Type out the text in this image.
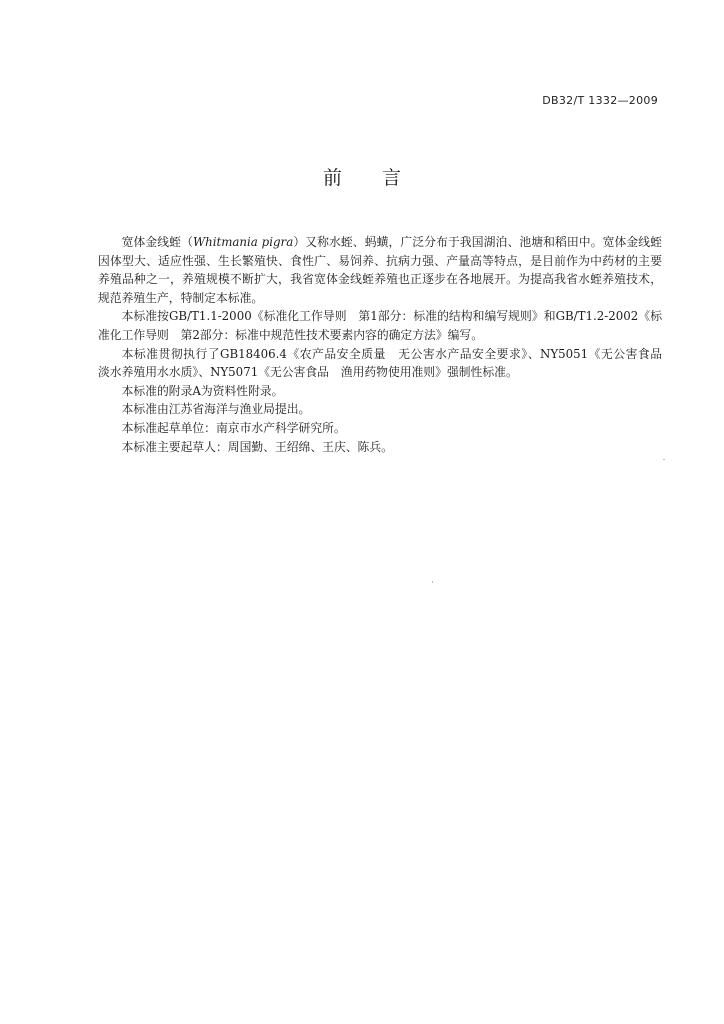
DB32/T 1332—2009
前言

宽体金线蛭（Whitmania pigra）又称水蛭、蚂蟥，广泛分布于我国湖泊、池塘和稻田中。宽体金线蛭因体型大、适应性强、生长繁殖快、食性广、易饲养、抗病力强、产量高等特点，是目前作为中药材的主要养殖品种之一，养殖规模不断扩大，我省宽体金线蛭养殖也正逐步在各地展开。为提高我省水蛭养殖技术，规范养殖生产，特制定本标准。

本标准按GB/T1.1-2000《标准化工作导则　第1部分：标准的结构和编写规则》和GB/T1.2-2002《标准化工作导则　第2部分：标准中规范性技术要素内容的确定方法》编写。

本标准贯彻执行了GB18406.4《农产品安全质量　无公害水产品安全要求》、NY5051《无公害食品　淡水养殖用水水质》、NY5071《无公害食品　渔用药物使用准则》强制性标准。

本标准的附录A为资料性附录。

本标准由江苏省海洋与渔业局提出。

本标准起草单位：南京市水产科学研究所。

本标准主要起草人：周国勤、王绍绵、王庆、陈兵。
